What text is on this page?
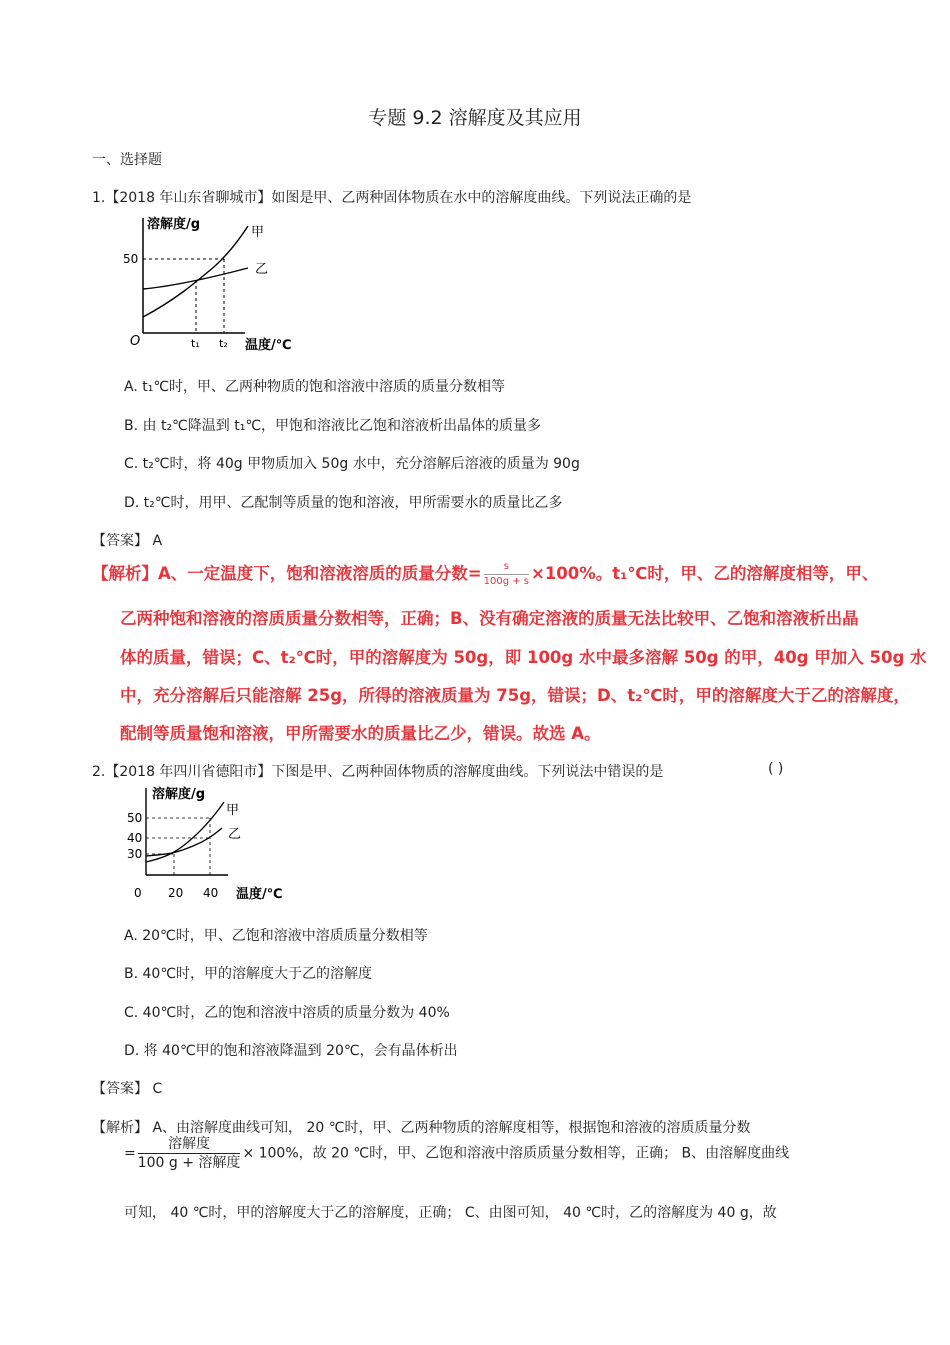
专题 9.2 溶解度及其应用
一、选择题
1.【2018 年山东省聊城市】如图是甲、乙两种固体物质在水中的溶解度曲线。下列说法正确的是
溶解度/g
50
O	t₁ t₂ 温度/℃
甲
乙
A. t₁℃时，甲、乙两种物质的饱和溶液中溶质的质量分数相等
B. 由 t₂℃降温到 t₁℃，甲饱和溶液比乙饱和溶液析出晶体的质量多
C. t₂℃时，将 40g 甲物质加入 50g 水中，充分溶解后溶液的质量为 90g
D. t₂℃时，用甲、乙配制等质量的饱和溶液，甲所需要水的质量比乙多
【答案】 A
【解析】A、一定温度下，饱和溶液溶质的质量分数= $\frac{s}{100g + s} \times 100\%$。t₁℃时，甲、乙的溶解度相等，甲、
乙两种饱和溶液的溶质质量分数相等，正确；B、没有确定溶液的质量无法比较甲、乙饱和溶液析出晶
体的质量，错误；C、t₂℃时，甲的溶解度为 50g，即 100g 水中最多溶解 50g 的甲，40g 甲加入 50g 水
中，充分溶解后只能溶解 25g，所得的溶液质量为 75g，错误；D、t₂℃时，甲的溶解度大于乙的溶解度，
配制等质量饱和溶液，甲所需要水的质量比乙少，错误。故选 A。
2.【2018 年四川省德阳市】下图是甲、乙两种固体物质的溶解度曲线。下列说法中错误的是	( )
溶解度/g
50
40
30
0 20 40 温度/℃
甲
乙
A. 20℃时，甲、乙饱和溶液中溶质质量分数相等
B. 40℃时，甲的溶解度大于乙的溶解度
C. 40℃时，乙的饱和溶液中溶质的质量分数为 40%
D. 将 40℃甲的饱和溶液降温到 20℃，会有晶体析出
【答案】 C
【解析】 A、由溶解度曲线可知， 20 ℃时，甲、乙两种物质的溶解度相等，根据饱和溶液的溶质质量分数
= $\frac{\text{溶解度}}{\text{100 g + 溶解度}} \times 100\%$，故 20 ℃时，甲、乙饱和溶液中溶质质量分数相等，正确； B、由溶解度曲线
可知， 40 ℃时，甲的溶解度大于乙的溶解度，正确； C、由图可知， 40 ℃时，乙的溶解度为 40 g，故
